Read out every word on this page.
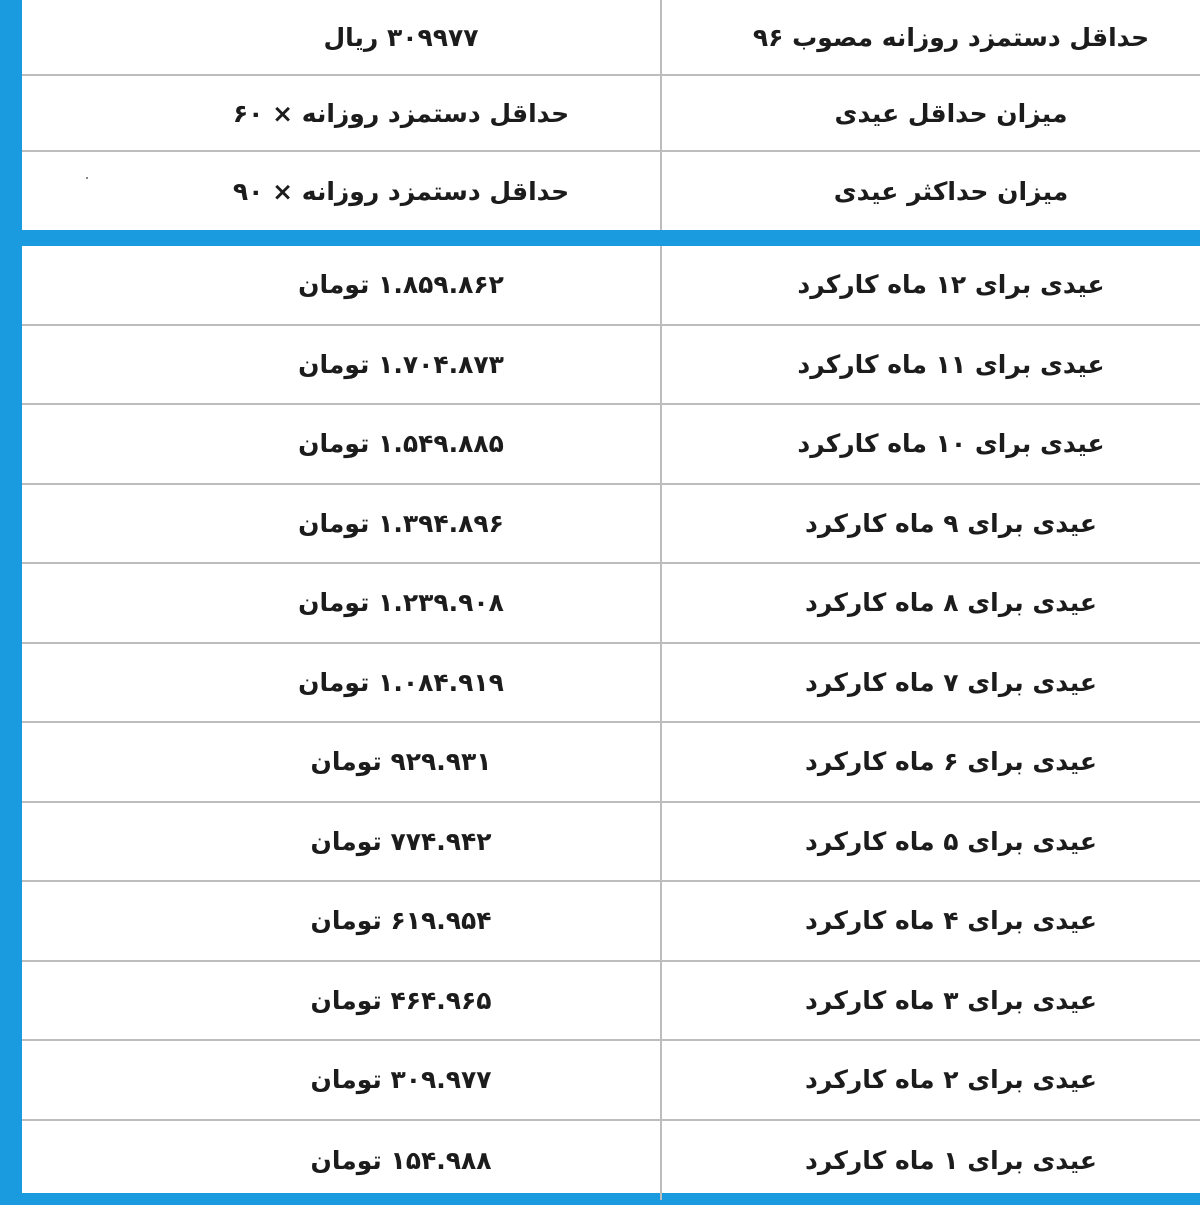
حداقل دستمزد روزانه مصوب ۹۶
۳۰۹۹۷۷ ریال
میزان حداقل عیدی
حداقل دستمزد روزانه × ۶۰
میزان حداکثر عیدی
حداقل دستمزد روزانه × ۹۰
عیدی برای ۱۲ ماه کارکرد
۱.۸۵۹.۸۶۲ تومان
عیدی برای ۱۱ ماه کارکرد
۱.۷۰۴.۸۷۳ تومان
عیدی برای ۱۰ ماه کارکرد
۱.۵۴۹.۸۸۵ تومان
عیدی برای ۹ ماه کارکرد
۱.۳۹۴.۸۹۶ تومان
عیدی برای ۸ ماه کارکرد
۱.۲۳۹.۹۰۸ تومان
عیدی برای ۷ ماه کارکرد
۱.۰۸۴.۹۱۹ تومان
عیدی برای ۶ ماه کارکرد
۹۲۹.۹۳۱ تومان
عیدی برای ۵ ماه کارکرد
۷۷۴.۹۴۲ تومان
عیدی برای ۴ ماه کارکرد
۶۱۹.۹۵۴ تومان
عیدی برای ۳ ماه کارکرد
۴۶۴.۹۶۵ تومان
عیدی برای ۲ ماه کارکرد
۳۰۹.۹۷۷ تومان
عیدی برای ۱ ماه کارکرد
۱۵۴.۹۸۸ تومان
